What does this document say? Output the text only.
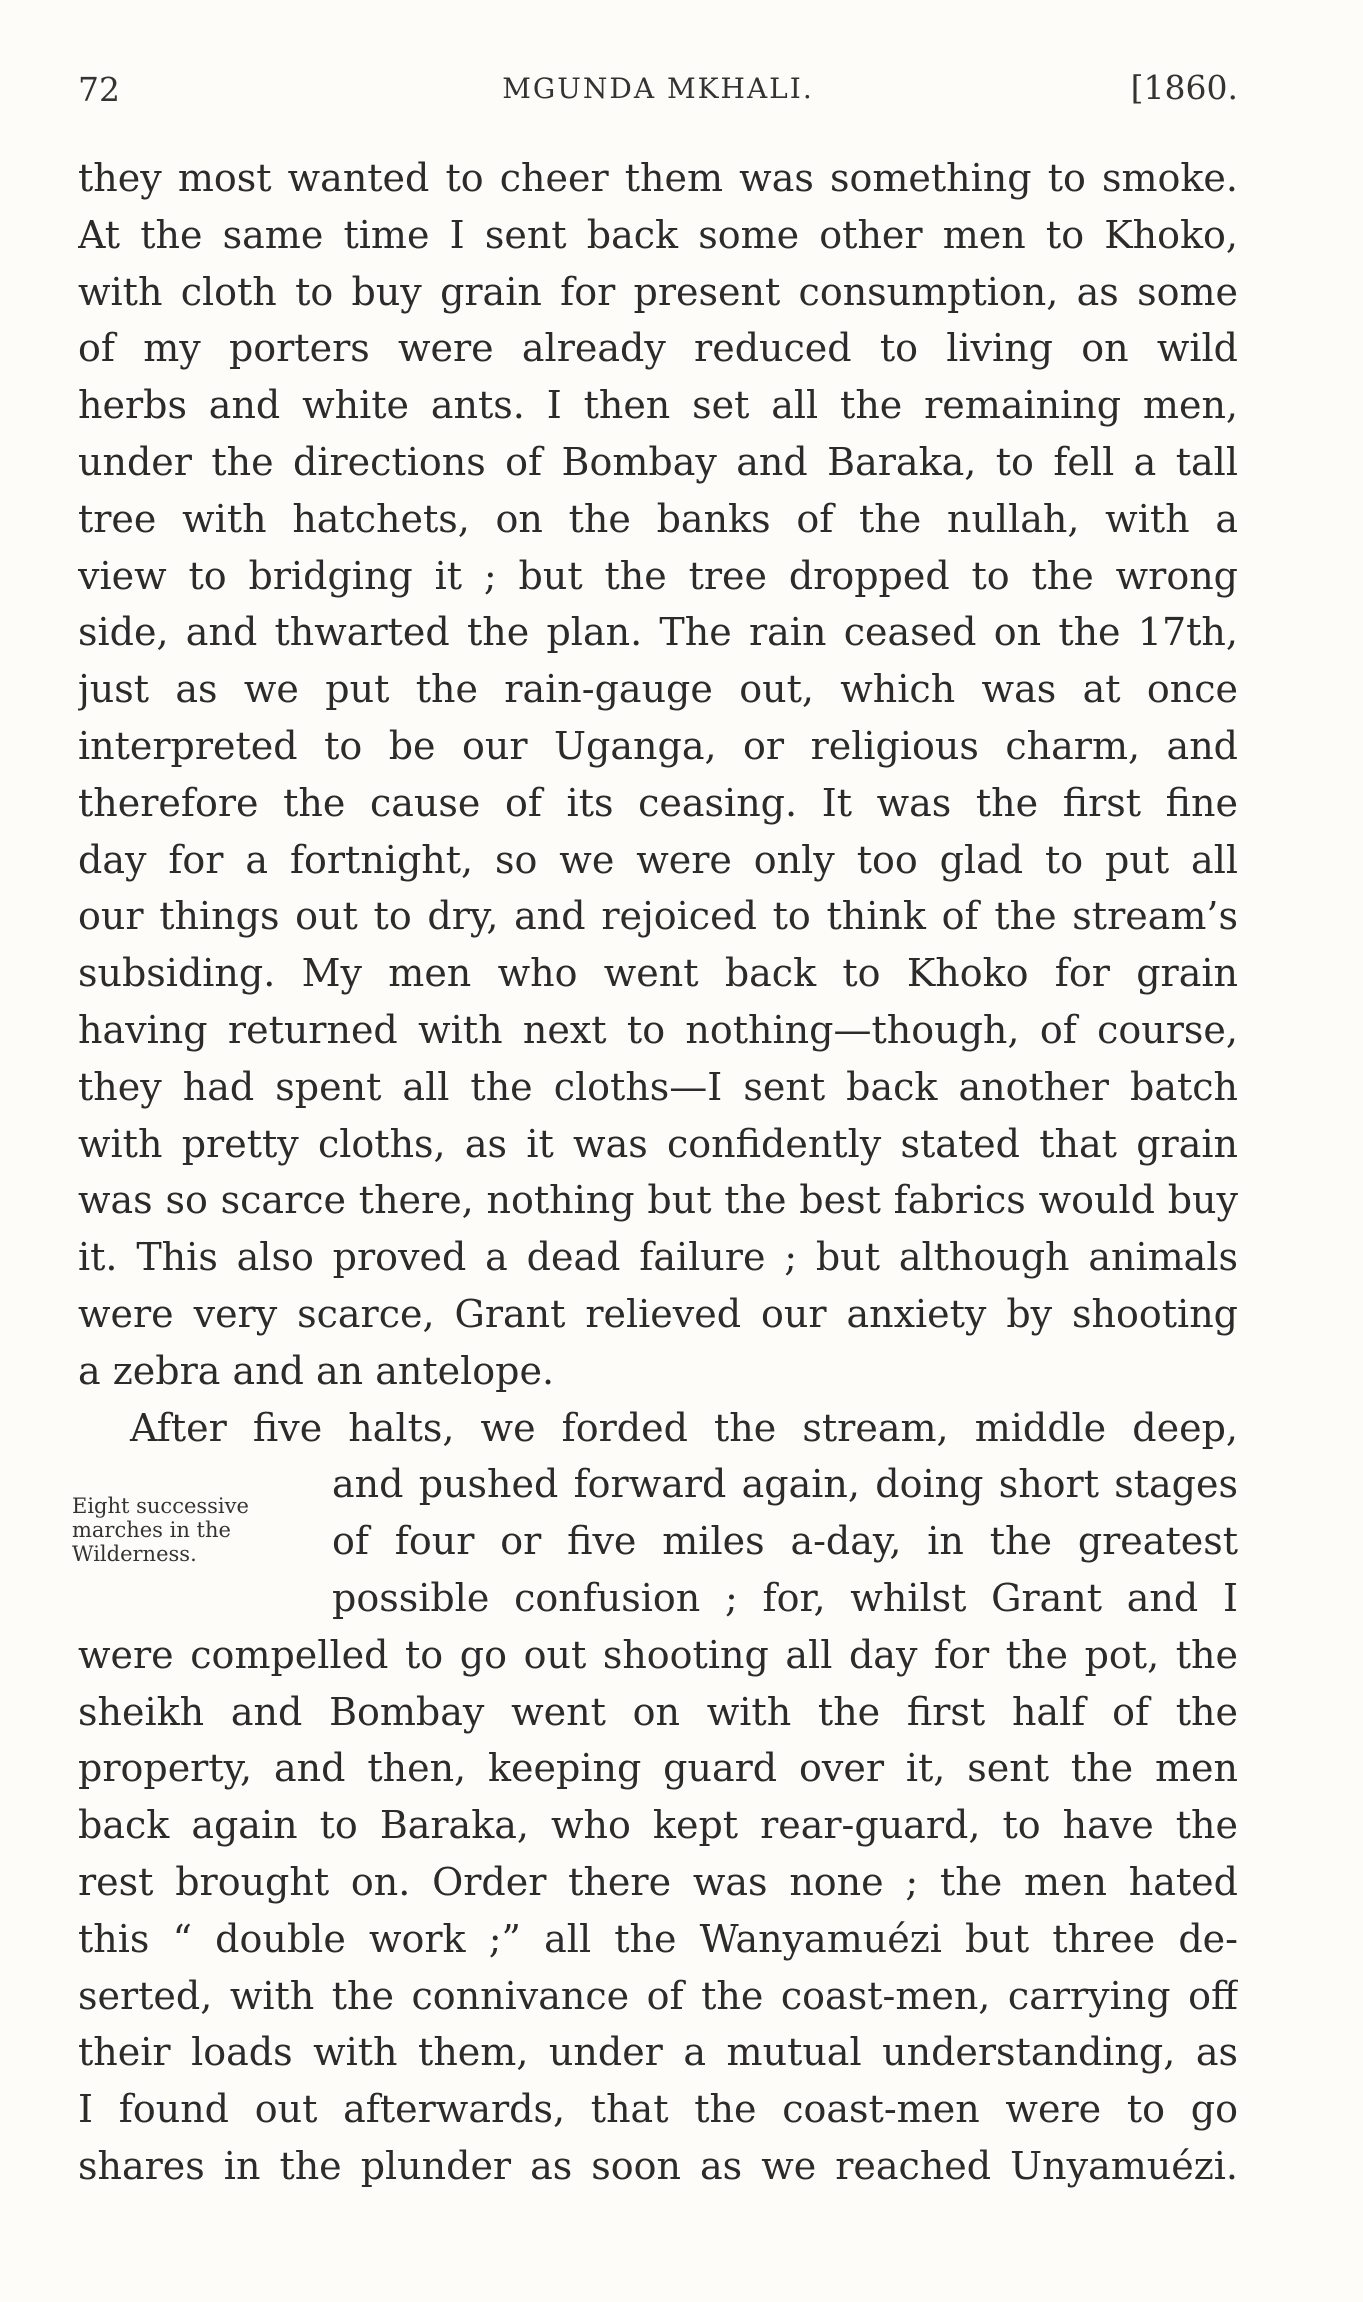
72	MGUNDA MKHALI.	[1860.
Eight successive
marches in the
Wilderness.
they most wanted to cheer them was something to smoke.
At the same time I sent back some other men to Khoko,
with cloth to buy grain for present consumption, as some
of my porters were already reduced to living on wild
herbs and white ants. I then set all the remaining men,
under the directions of Bombay and Baraka, to fell a tall
tree with hatchets, on the banks of the nullah, with a
view to bridging it ; but the tree dropped to the wrong
side, and thwarted the plan. The rain ceased on the 17th,
just as we put the rain-gauge out, which was at once
interpreted to be our Uganga, or religious charm, and
therefore the cause of its ceasing. It was the first fine
day for a fortnight, so we were only too glad to put all
our things out to dry, and rejoiced to think of the stream’s
subsiding. My men who went back to Khoko for grain
having returned with next to nothing—though, of course,
they had spent all the cloths—I sent back another batch
with pretty cloths, as it was confidently stated that grain
was so scarce there, nothing but the best fabrics would buy
it. This also proved a dead failure ; but although animals
were very scarce, Grant relieved our anxiety by shooting
a zebra and an antelope.
After five halts, we forded the stream, middle deep,
and pushed forward again, doing short stages
of four or five miles a-day, in the greatest
possible confusion ; for, whilst Grant and I
were compelled to go out shooting all day for the pot, the
sheikh and Bombay went on with the first half of the
property, and then, keeping guard over it, sent the men
back again to Baraka, who kept rear-guard, to have the
rest brought on. Order there was none ; the men hated
this “ double work ;” all the Wanyamuézi but three de-
serted, with the connivance of the coast-men, carrying off
their loads with them, under a mutual understanding, as
I found out afterwards, that the coast-men were to go
shares in the plunder as soon as we reached Unyamuézi.
